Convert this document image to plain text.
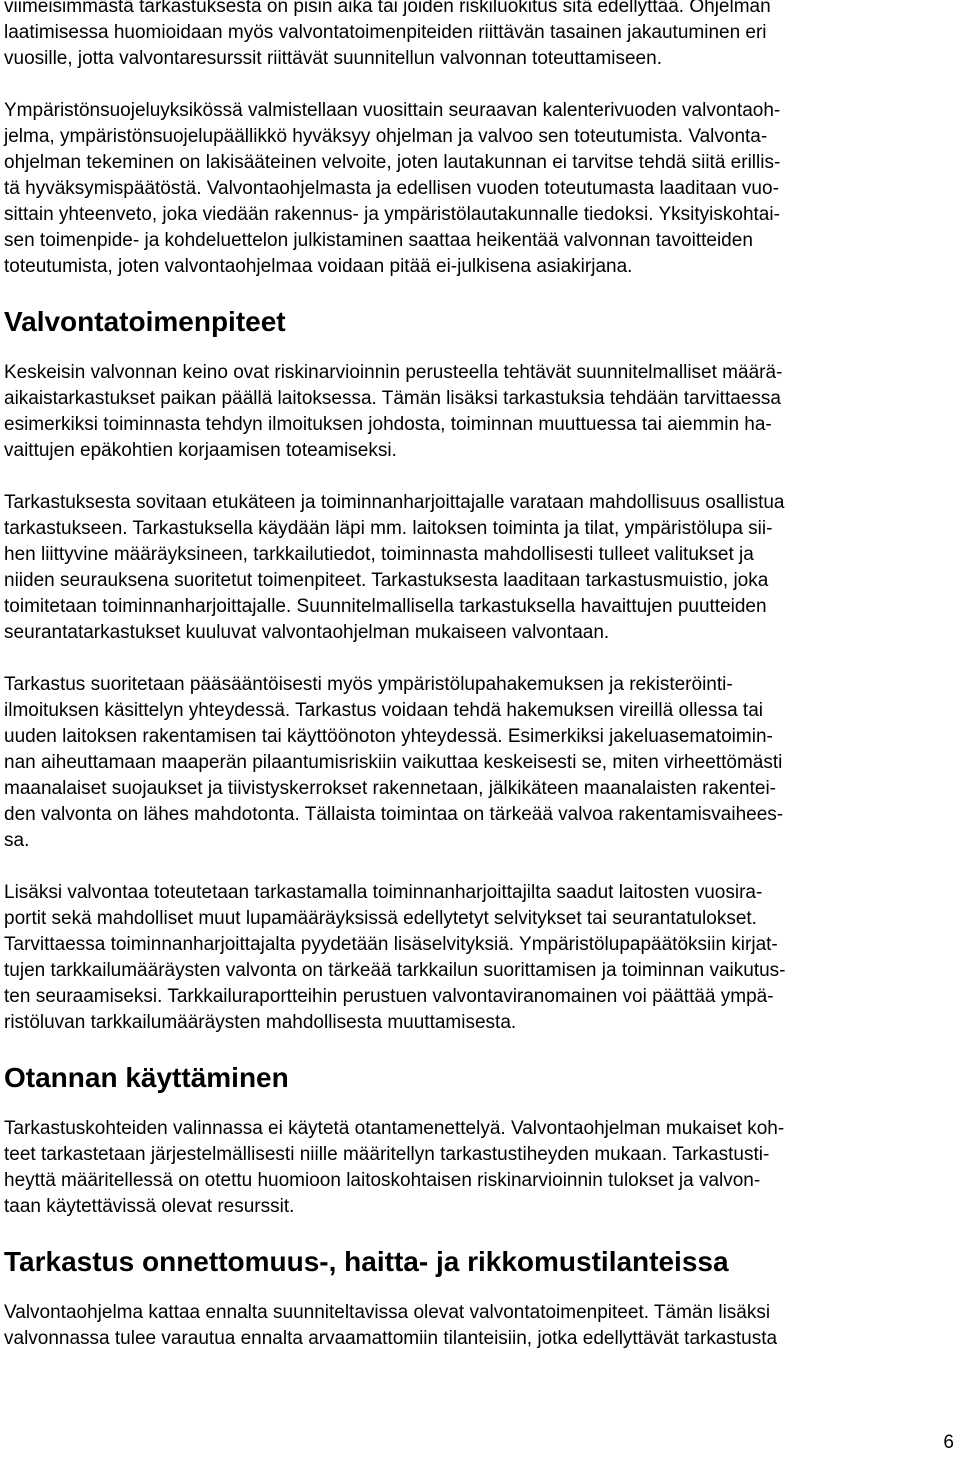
viimeisimmästä tarkastuksesta on pisin aika tai joiden riskiluokitus sitä edellyttää. Ohjelman
laatimisessa huomioidaan myös valvontatoimenpiteiden riittävän tasainen jakautuminen eri
vuosille, jotta valvontaresurssit riittävät suunnitellun valvonnan toteuttamiseen.
Ympäristönsuojeluyksikössä valmistellaan vuosittain seuraavan kalenterivuoden valvontaoh-
jelma, ympäristönsuojelupäällikkö hyväksyy ohjelman ja valvoo sen toteutumista. Valvonta-
ohjelman tekeminen on lakisääteinen velvoite, joten lautakunnan ei tarvitse tehdä siitä erillis-
tä hyväksymispäätöstä. Valvontaohjelmasta ja edellisen vuoden toteutumasta laaditaan vuo-
sittain yhteenveto, joka viedään rakennus- ja ympäristölautakunnalle tiedoksi. Yksityiskohtai-
sen toimenpide- ja kohdeluettelon julkistaminen saattaa heikentää valvonnan tavoitteiden
toteutumista, joten valvontaohjelmaa voidaan pitää ei-julkisena asiakirjana.
Valvontatoimenpiteet
Keskeisin valvonnan keino ovat riskinarvioinnin perusteella tehtävät suunnitelmalliset määrä-
aikaistarkastukset paikan päällä laitoksessa. Tämän lisäksi tarkastuksia tehdään tarvittaessa
esimerkiksi toiminnasta tehdyn ilmoituksen johdosta, toiminnan muuttuessa tai aiemmin ha-
vaittujen epäkohtien korjaamisen toteamiseksi.
Tarkastuksesta sovitaan etukäteen ja toiminnanharjoittajalle varataan mahdollisuus osallistua
tarkastukseen. Tarkastuksella käydään läpi mm. laitoksen toiminta ja tilat, ympäristölupa sii-
hen liittyvine määräyksineen, tarkkailutiedot, toiminnasta mahdollisesti tulleet valitukset ja
niiden seurauksena suoritetut toimenpiteet. Tarkastuksesta laaditaan tarkastusmuistio, joka
toimitetaan toiminnanharjoittajalle. Suunnitelmallisella tarkastuksella havaittujen puutteiden
seurantatarkastukset kuuluvat valvontaohjelman mukaiseen valvontaan.
Tarkastus suoritetaan pääsääntöisesti myös ympäristölupahakemuksen ja rekisteröinti-
ilmoituksen käsittelyn yhteydessä. Tarkastus voidaan tehdä hakemuksen vireillä ollessa tai
uuden laitoksen rakentamisen tai käyttöönoton yhteydessä. Esimerkiksi jakeluasematoimin-
nan aiheuttamaan maaperän pilaantumisriskiin vaikuttaa keskeisesti se, miten virheettömästi
maanalaiset suojaukset ja tiivistyskerrokset rakennetaan, jälkikäteen maanalaisten rakentei-
den valvonta on lähes mahdotonta. Tällaista toimintaa on tärkeää valvoa rakentamisvaihees-
sa.
Lisäksi valvontaa toteutetaan tarkastamalla toiminnanharjoittajilta saadut laitosten vuosira-
portit sekä mahdolliset muut lupamääräyksissä edellytetyt selvitykset tai seurantatulokset.
Tarvittaessa toiminnanharjoittajalta pyydetään lisäselvityksiä. Ympäristölupapäätöksiin kirjat-
tujen tarkkailumääräysten valvonta on tärkeää tarkkailun suorittamisen ja toiminnan vaikutus-
ten seuraamiseksi. Tarkkailuraportteihin perustuen valvontaviranomainen voi päättää ympä-
ristöluvan tarkkailumääräysten mahdollisesta muuttamisesta.
Otannan käyttäminen
Tarkastuskohteiden valinnassa ei käytetä otantamenettelyä. Valvontaohjelman mukaiset koh-
teet tarkastetaan järjestelmällisesti niille määritellyn tarkastustiheyden mukaan. Tarkastusti-
heyttä määritellessä on otettu huomioon laitoskohtaisen riskinarvioinnin tulokset ja valvon-
taan käytettävissä olevat resurssit.
Tarkastus onnettomuus-, haitta- ja rikkomustilanteissa
Valvontaohjelma kattaa ennalta suunniteltavissa olevat valvontatoimenpiteet. Tämän lisäksi
valvonnassa tulee varautua ennalta arvaamattomiin tilanteisiin, jotka edellyttävät tarkastusta
6
